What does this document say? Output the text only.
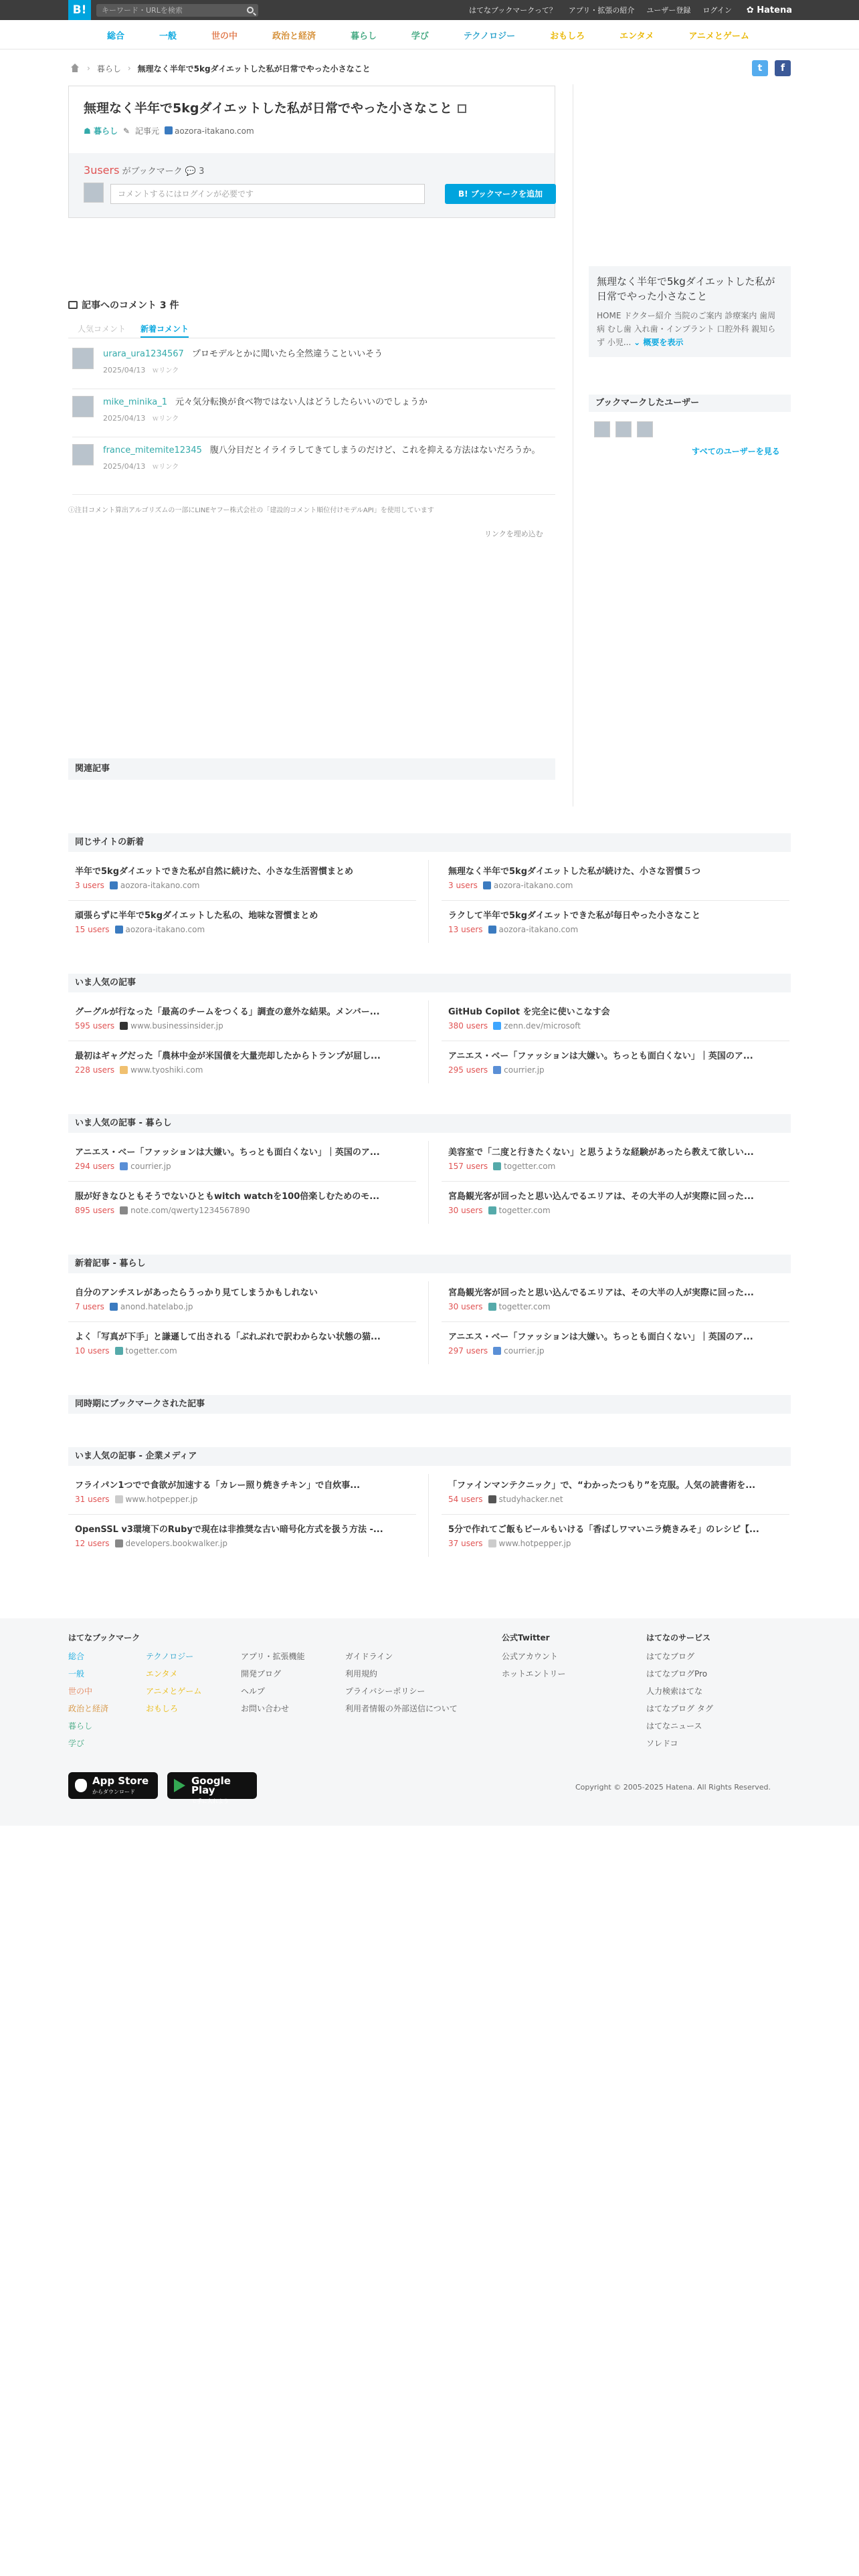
B!	キーワード・URLを検索	はてなブックマークって？ アプリ・拡張の紹介 ユーザー登録 ログイン ✿ Hatena
総合	一般	世の中	政治と経済	暮らし	学び	テクノロジー	おもしろ	エンタメ	アニメとゲーム
› 暮らし › 無理なく半年で5kgダイエットした私が日常でやった小さなこと	t	f
無理なく半年で5kgダイエットした私が日常でやった小さなこと
☗ 暮らし ✎ 記事元	aozora-itakano.com
3users がブックマーク 💬 3
コメントするにはログインが必要です	B! ブックマークを追加
無理なく半年で5kgダイエットした私が日常でやった小さなこと
HOME ドクター紹介 当院のご案内 診療案内 歯周病 むし歯 入れ歯・インプラント 口腔外科 親知らず 小児... ⌄ 概要を表示
ブックマークしたユーザー
すべてのユーザーを見る
記事へのコメント 3 件
人気コメント 新着コメント
urara_ura1234567 プロモデルとかに聞いたら全然違うこといいそう
2025/04/13 ｗリンク
mike_minika_1 元々気分転換が食べ物ではない人はどうしたらいいのでしょうか
2025/04/13 ｗリンク
france_mitemite12345 腹八分目だとイライラしてきてしまうのだけど、これを抑える方法はないだろうか。
2025/04/13 ｗリンク
ⓘ注目コメント算出アルゴリズムの一部にLINEヤフー株式会社の「建設的コメント順位付けモデルAPI」を使用しています
リンクを埋め込む
関連記事
同じサイトの新着
半年で5kgダイエットできた私が自然に続けた、小さな生活習慣まとめ
3 users	aozora-itakano.com
無理なく半年で5kgダイエットした私が続けた、小さな習慣５つ
3 users	aozora-itakano.com
頑張らずに半年で5kgダイエットした私の、地味な習慣まとめ
15 users	aozora-itakano.com
ラクして半年で5kgダイエットできた私が毎日やった小さなこと
13 users	aozora-itakano.com
いま人気の記事
グーグルが行なった「最高のチームをつくる」調査の意外な結果。メンバー...
595 users	www.businessinsider.jp
GitHub Copilot を完全に使いこなす会
380 users	zenn.dev/microsoft
最初はギャグだった「農林中金が米国債を大量売却したからトランプが屈し...
228 users	www.tyoshiki.com
アニエス・ベー「ファッションは大嫌い。ちっとも面白くない」｜英国のア...
295 users	courrier.jp
いま人気の記事 - 暮らし
アニエス・ベー「ファッションは大嫌い。ちっとも面白くない」｜英国のア...
294 users	courrier.jp
美容室で「二度と行きたくない」と思うような経験があったら教えて欲しい...
157 users	togetter.com
服が好きなひともそうでないひともwitch watchを100倍楽しむためのモ...
895 users	note.com/qwerty1234567890
宮島観光客が回ったと思い込んでるエリアは、その大半の人が実際に回った...
30 users	togetter.com
新着記事 - 暮らし
自分のアンチスレがあったらうっかり見てしまうかもしれない
7 users	anond.hatelabo.jp
宮島観光客が回ったと思い込んでるエリアは、その大半の人が実際に回った...
30 users	togetter.com
よく「写真が下手」と謙遜して出される「ぶれぶれで訳わからない状態の猫...
10 users	togetter.com
アニエス・ベー「ファッションは大嫌い。ちっとも面白くない」｜英国のア...
297 users	courrier.jp
同時期にブックマークされた記事
いま人気の記事 - 企業メディア
フライパン1つでで食欲が加速する「カレー照り焼きチキン」で自炊事...
31 users	www.hotpepper.jp
「ファインマンテクニック」で、“わかったつもり”を克服。人気の読書術を...
54 users	studyhacker.net
OpenSSL v3環境下のRubyで現在は非推奨な古い暗号化方式を扱う方法 -...
12 users	developers.bookwalker.jp
5分で作れてご飯もビールもいける「香ばしワマいニラ焼きみそ」のレシピ【...
37 users	www.hotpepper.jp
はてなブックマーク
総合
一般
世の中
政治と経済
暮らし
学び
テクノロジー
エンタメ
アニメとゲーム
おもしろ
アプリ・拡張機能
開発ブログ
ヘルプ
お問い合わせ
ガイドライン
利用規約
プライバシーポリシー
利用者情報の外部送信について
公式Twitter
公式アカウント
ホットエントリー
はてなのサービス
はてなブログ
はてなブログPro
人力検索はてな
はてなブログ タグ
はてなニュース
ソレドコ
App Store
からダウンロード
Google Play
で手に入れよう
Copyright © 2005-2025 Hatena. All Rights Reserved.
